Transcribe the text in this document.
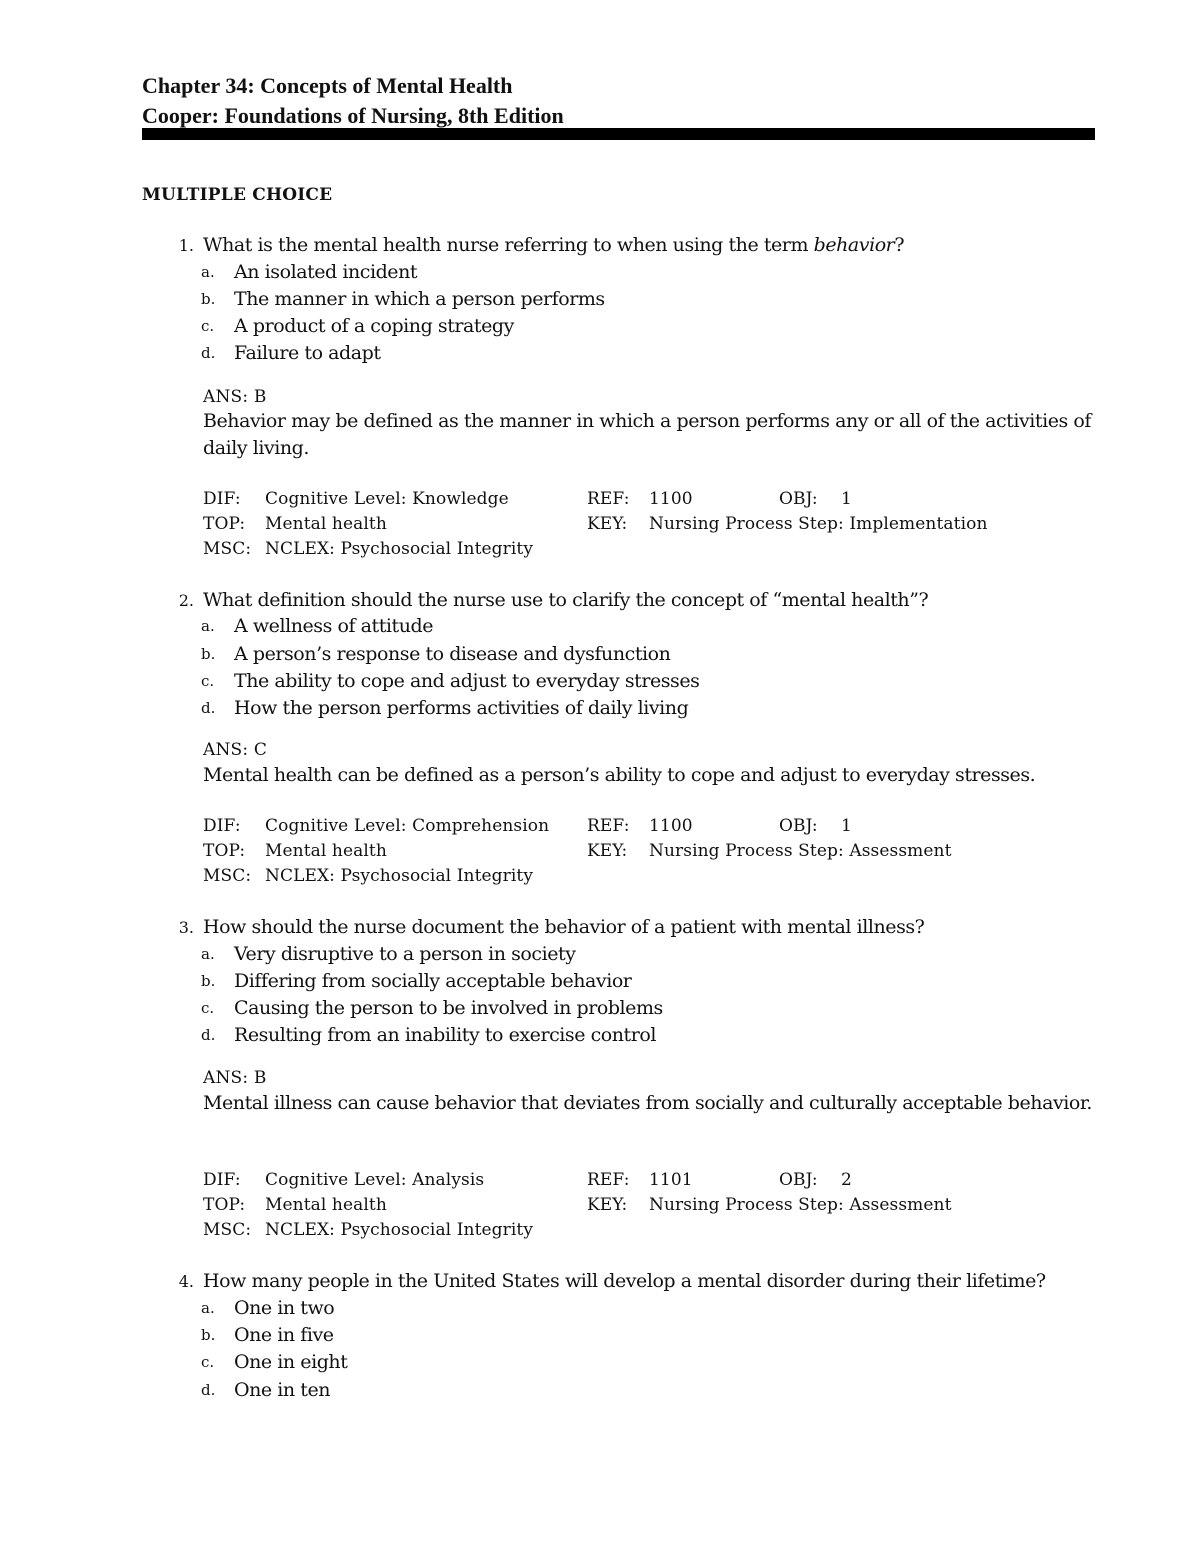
Chapter 34: Concepts of Mental Health
Cooper: Foundations of Nursing, 8th Edition
MULTIPLE CHOICE
1. What is the mental health nurse referring to when using the term behavior?
a. An isolated incident
b. The manner in which a person performs
c. A product of a coping strategy
d. Failure to adapt
ANS: B
Behavior may be defined as the manner in which a person performs any or all of the activities of daily living.
DIF: Cognitive Level: Knowledge	REF: 1100	OBJ: 1
TOP: Mental health	KEY: Nursing Process Step: Implementation
MSC: NCLEX: Psychosocial Integrity
2. What definition should the nurse use to clarify the concept of “mental health”?
a. A wellness of attitude
b. A person’s response to disease and dysfunction
c. The ability to cope and adjust to everyday stresses
d. How the person performs activities of daily living
ANS: C
Mental health can be defined as a person’s ability to cope and adjust to everyday stresses.
DIF: Cognitive Level: Comprehension REF: 1100	OBJ: 1
TOP: Mental health	KEY: Nursing Process Step: Assessment
MSC: NCLEX: Psychosocial Integrity
3. How should the nurse document the behavior of a patient with mental illness?
a. Very disruptive to a person in society
b. Differing from socially acceptable behavior
c. Causing the person to be involved in problems
d. Resulting from an inability to exercise control
ANS: B
Mental illness can cause behavior that deviates from socially and culturally acceptable behavior.
DIF: Cognitive Level: Analysis	REF: 1101	OBJ: 2
TOP: Mental health	KEY: Nursing Process Step: Assessment
MSC: NCLEX: Psychosocial Integrity
4. How many people in the United States will develop a mental disorder during their lifetime?
a. One in two
b. One in five
c. One in eight
d. One in ten
